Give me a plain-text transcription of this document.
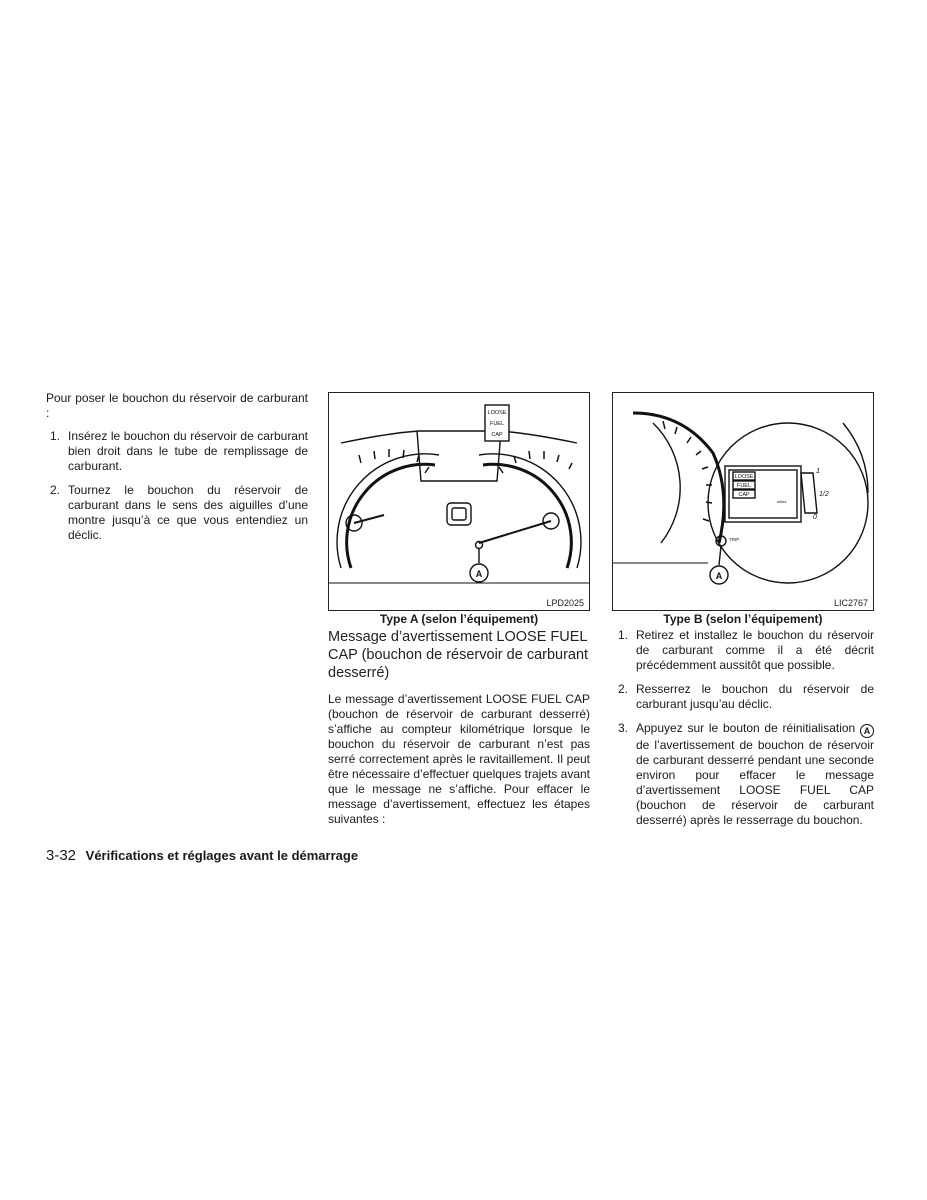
Pour poser le bouchon du réservoir de carburant :

1. Insérez le bouchon du réservoir de carburant bien droit dans le tube de remplissage de carburant.
2. Tournez le bouchon du réservoir de carburant dans le sens des aiguilles d’une montre jusqu’à ce que vous entendiez un déclic.
LOOSE
FUEL
CAP
A
LPD2025
Type A (selon l’équipement)
LOOSE
FUEL
CAP
1
1/2
0
miles
TRIP
A
LIC2767
Type B (selon l’équipement)
Message d’avertissement LOOSE FUEL CAP (bouchon de réservoir de carburant desserré)

Le message d’avertissement LOOSE FUEL CAP (bouchon de réservoir de carburant desserré) s’affiche au compteur kilométrique lorsque le bouchon du réservoir de carburant n’est pas serré correctement après le ravitaillement. Il peut être nécessaire d’effectuer quelques trajets avant que le message ne s’affiche. Pour effacer le message d’avertissement, effectuez les étapes suivantes :

1. Retirez et installez le bouchon du réservoir de carburant comme il a été décrit précédemment aussitôt que possible.
2. Resserrez le bouchon du réservoir de carburant jusqu’au déclic.
3. Appuyez sur le bouton de réinitialisation A de l’avertissement de bouchon de réservoir de carburant desserré pendant une seconde environ pour effacer le message d’avertissement LOOSE FUEL CAP (bouchon de réservoir de carburant desserré) après le resserrage du bouchon.
3-32 Vérifications et réglages avant le démarrage
